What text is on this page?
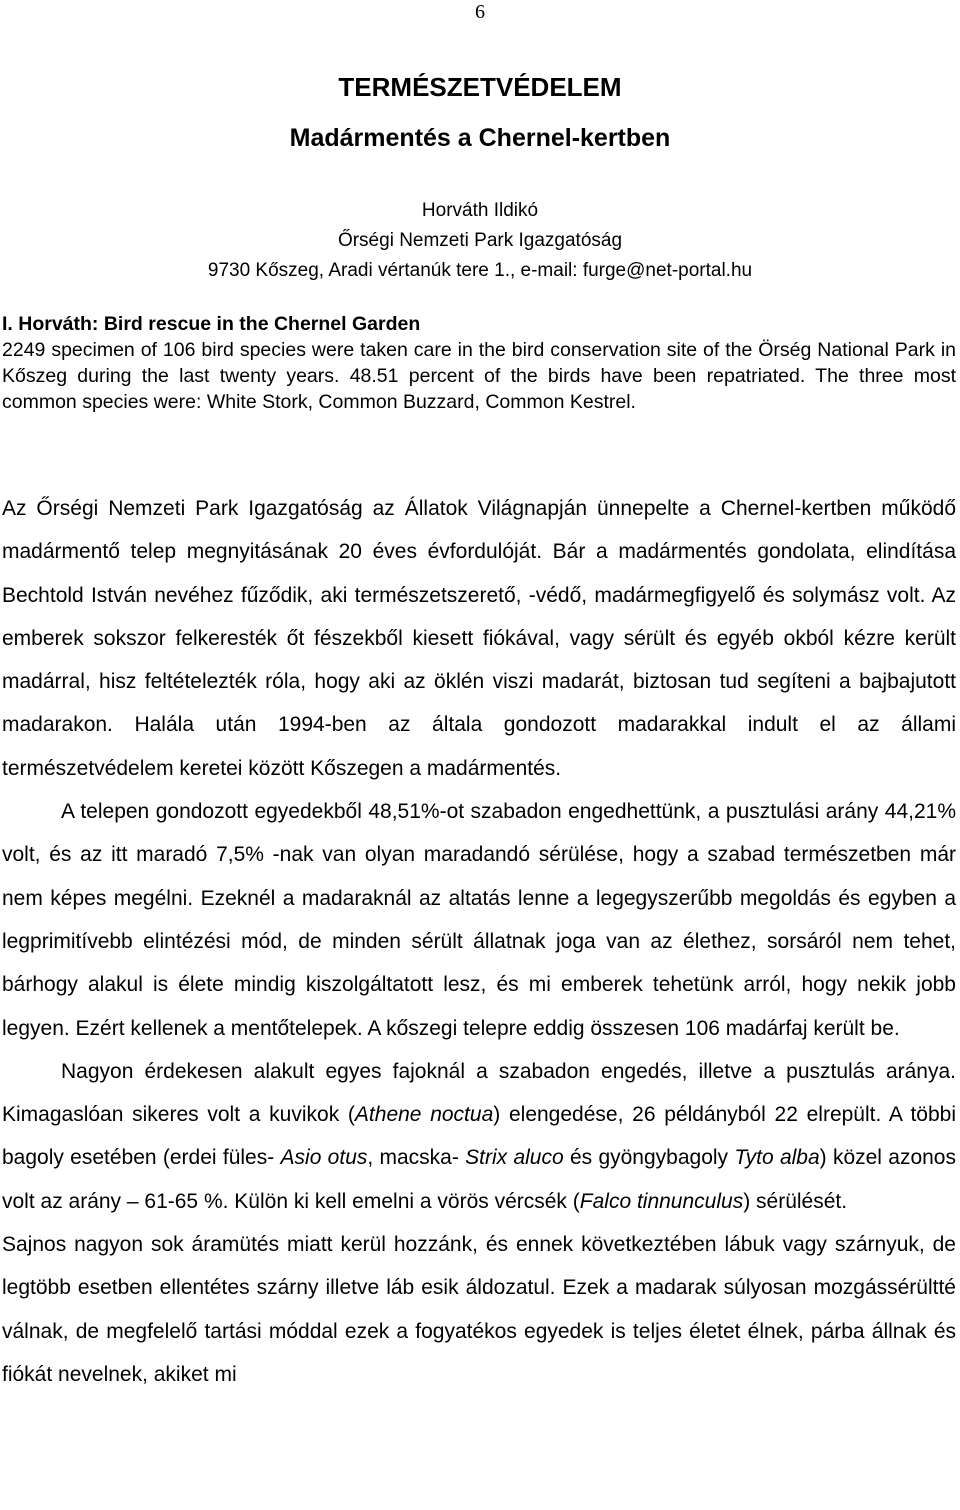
6
TERMÉSZETVÉDELEM
Madármentés a Chernel-kertben
Horváth Ildikó
Őrségi Nemzeti Park Igazgatóság
9730 Kőszeg, Aradi vértanúk tere 1., e-mail: furge@net-portal.hu
I. Horváth: Bird rescue in the Chernel Garden
2249 specimen of 106 bird species were taken care in the bird conservation site of the Örség National Park in Kőszeg during the last twenty years. 48.51 percent of the birds have been repatriated. The three most common species were: White Stork, Common Buzzard, Common Kestrel.

Az Őrségi Nemzeti Park Igazgatóság az Állatok Világnapján ünnepelte a Chernel-kertben működő madármentő telep megnyitásának 20 éves évfordulóját. Bár a madármentés gondolata, elindítása Bechtold István nevéhez fűződik, aki természetszerető, -védő, madármegfigyelő és solymász volt. Az emberek sokszor felkeresték őt fészekből kiesett fiókával, vagy sérült és egyéb okból kézre került madárral, hisz feltételezték róla, hogy aki az öklén viszi madarát, biztosan tud segíteni a bajbajutott madarakon. Halála után 1994-ben az általa gondozott madarakkal indult el az állami természetvédelem keretei között Kőszegen a madármentés.

A telepen gondozott egyedekből 48,51%-ot szabadon engedhettünk, a pusztulási arány 44,21% volt, és az itt maradó 7,5% -nak van olyan maradandó sérülése, hogy a szabad természetben már nem képes megélni. Ezeknél a madaraknál az altatás lenne a legegyszerűbb megoldás és egyben a legprimitívebb elintézési mód, de minden sérült állatnak joga van az élethez, sorsáról nem tehet, bárhogy alakul is élete mindig kiszolgáltatott lesz, és mi emberek tehetünk arról, hogy nekik jobb legyen. Ezért kellenek a mentőtelepek. A kőszegi telepre eddig összesen 106 madárfaj került be.

Nagyon érdekesen alakult egyes fajoknál a szabadon engedés, illetve a pusztulás aránya. Kimagaslóan sikeres volt a kuvikok (Athene noctua) elengedése, 26 példányból 22 elrepült. A többi bagoly esetében (erdei füles- Asio otus, macska- Strix aluco és gyöngybagoly Tyto alba) közel azonos volt az arány – 61-65 %. Külön ki kell emelni a vörös vércsék (Falco tinnunculus) sérülését.

Sajnos nagyon sok áramütés miatt kerül hozzánk, és ennek következtében lábuk vagy szárnyuk, de legtöbb esetben ellentétes szárny illetve láb esik áldozatul. Ezek a madarak súlyosan mozgássérültté válnak, de megfelelő tartási móddal ezek a fogyatékos egyedek is teljes életet élnek, párba állnak és fiókát nevelnek, akiket mi
